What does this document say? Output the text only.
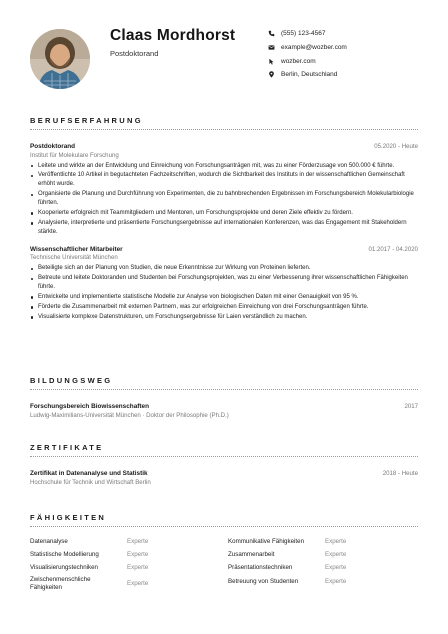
Claas Mordhorst
Postdoktorand
(555) 123-4567
example@wozber.com
wozber.com
Berlin, Deutschland
BERUFSERFAHRUNG
Postdoktorand
Institut für Molekulare Forschung
05.2020 - Heute
Leitete und wirkte an der Entwicklung und Einreichung von Forschungsanträgen mit, was zu einer Förderzusage von 500.000 € führte.
Veröffentlichte 10 Artikel in begutachteten Fachzeitschriften, wodurch die Sichtbarkeit des Instituts in der wissenschaftlichen Gemeinschaft erhöht wurde.
Organisierte die Planung und Durchführung von Experimenten, die zu bahnbrechenden Ergebnissen im Forschungsbereich Molekularbiologie führten.
Kooperierte erfolgreich mit Teammitgliedern und Mentoren, um Forschungsprojekte und deren Ziele effektiv zu fördern.
Analysierte, interpretierte und präsentierte Forschungsergebnisse auf internationalen Konferenzen, was das Engagement mit Stakeholdern stärkte.
Wissenschaftlicher Mitarbeiter
Technische Universität München
01.2017 - 04.2020
Beteiligte sich an der Planung von Studien, die neue Erkenntnisse zur Wirkung von Proteinen lieferten.
Betreute und leitete Doktoranden und Studenten bei Forschungsprojekten, was zu einer Verbesserung ihrer wissenschaftlichen Fähigkeiten führte.
Entwickelte und implementierte statistische Modelle zur Analyse von biologischen Daten mit einer Genauigkeit von 95 %.
Förderte die Zusammenarbeit mit externen Partnern, was zur erfolgreichen Einreichung von drei Forschungsanträgen führte.
Visualisierte komplexe Datenstrukturen, um Forschungsergebnisse für Laien verständlich zu machen.
BILDUNGSWEG
Forschungsbereich Biowissenschaften
Ludwig-Maximilians-Universität München · Doktor der Philosophie (Ph.D.)
2017
ZERTIFIKATE
Zertifikat in Datenanalyse und Statistik
Hochschule für Technik und Wirtschaft Berlin
2018 - Heute
FÄHIGKEITEN
Datenanalyse	Experte	Kommunikative Fähigkeiten	Experte
Statistische Modellierung	Experte	Zusammenarbeit	Experte
Visualisierungstechniken	Experte	Präsentationstechniken	Experte
Zwischenmenschliche Fähigkeiten	Experte	Betreuung von Studenten	Experte
